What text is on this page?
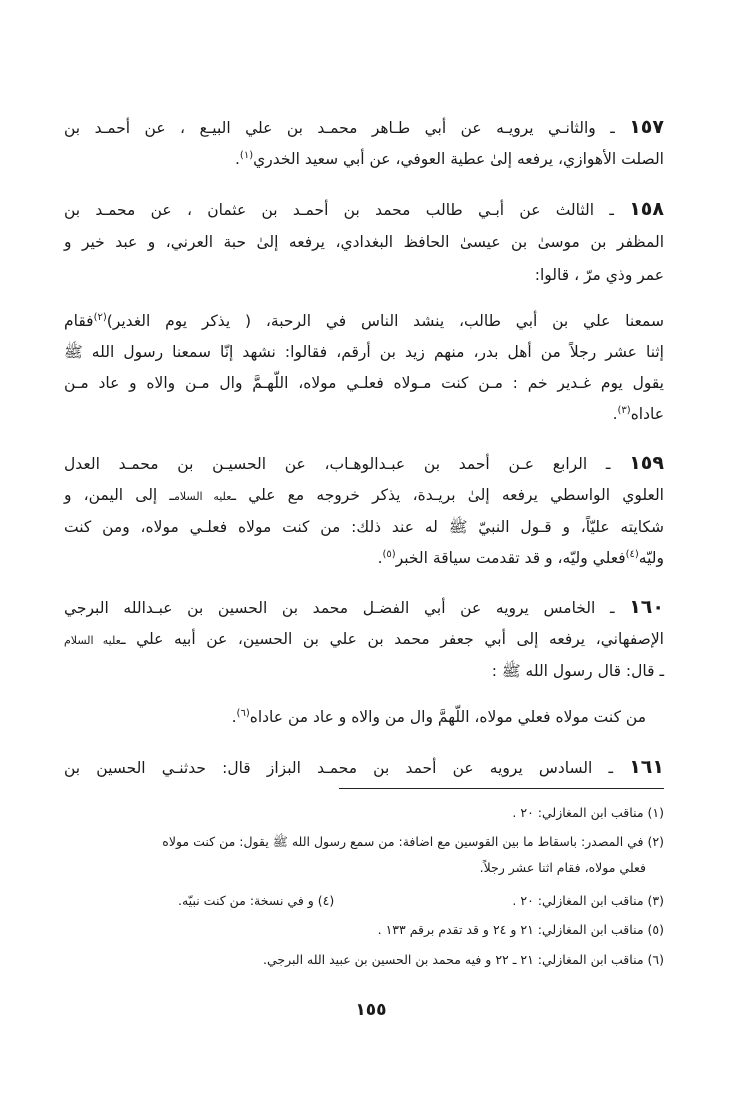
١٥٧ ـ والثانـي يرويـه عن أبي طـاهر محمـد بن علي البيـع ، عن أحمـد بن
الصلت الأهوازي، يرفعه إلىٰ عطية العوفي، عن أبي سعيد الخدري$^{(١)}$.
١٥٨ ـ الثالث عن أبـي طالب محمد بن أحمـد بن عثمان ، عن محمـد بن
المظفر بن موسىٰ بن عيسىٰ الحافظ البغدادي، يرفعه إلىٰ حبة العرني، و عبد خير و
عمر وذي مرّ ، قالوا:
سمعنا علي بن أبي طالب، ينشد الناس في الرحبة، ( يذكر يوم الغدير)$^{(٢)}$فقام
إثنا عشر رجلاً من أهل بدر، منهم زيد بن أرقم، فقالوا: نشهد إنّا سمعنا رسول الله ﷺ
يقول يوم غـدير خم : مـن كنت مـولاه فعلـي مولاه، اللّهـمَّ وال مـن والاه و عاد مـن
عاداه$^{(٣)}$.
١٥٩ ـ الرابع عـن أحمد بن عبـدالوهـاب، عن الحسيـن بن محمـد العدل
العلوي الواسطي يرفعه إلىٰ بريـدة، يذكر خروجه مع علي ـعليه السلامـ إلى اليمن، و
شكايته عليّاً، و قـول النبيّ ﷺ له عند ذلك: من كنت مولاه فعلـي مولاه، ومن كنت
وليّه$^{(٤)}$فعلي وليّه، و قد تقدمت سياقة الخبر$^{(٥)}$.
١٦٠ ـ الخامس يرويه عن أبي الفضـل محمد بن الحسين بن عبـدالله البرجي
الإصفهاني، يرفعه إلى أبي جعفر محمد بن علي بن الحسين، عن أبيه علي ـعليه السلام
ـ قال: قال رسول الله ﷺ :
من كنت مولاه فعلي مولاه، اللّهمَّ وال من والاه و عاد من عاداه$^{(٦)}$.
١٦١ ـ السادس يرويه عن أحمد بن محمـد البزاز قال: حدثنـي الحسين بن

(١) مناقب ابن المغازلي: ٢٠ .

(٢) في المصدر: باسقاط ما بين القوسين مع اضافة: من سمع رسول الله ﷺ يقول: من كنت مولاه

فعلي مولاه، فقام اثنا عشر رجلاً.

(٣) مناقب ابن المغازلي: ٢٠ .

(٤) و في نسخة: من كنت نبيّه.

(٥) مناقب ابن المغازلي: ٢١ و ٢٤ و قد تقدم برقم ١٣٣ .

(٦) مناقب ابن المغازلي: ٢١ ـ ٢٢ و فيه محمد بن الحسين بن عبيد الله البرجي.

١٥٥
